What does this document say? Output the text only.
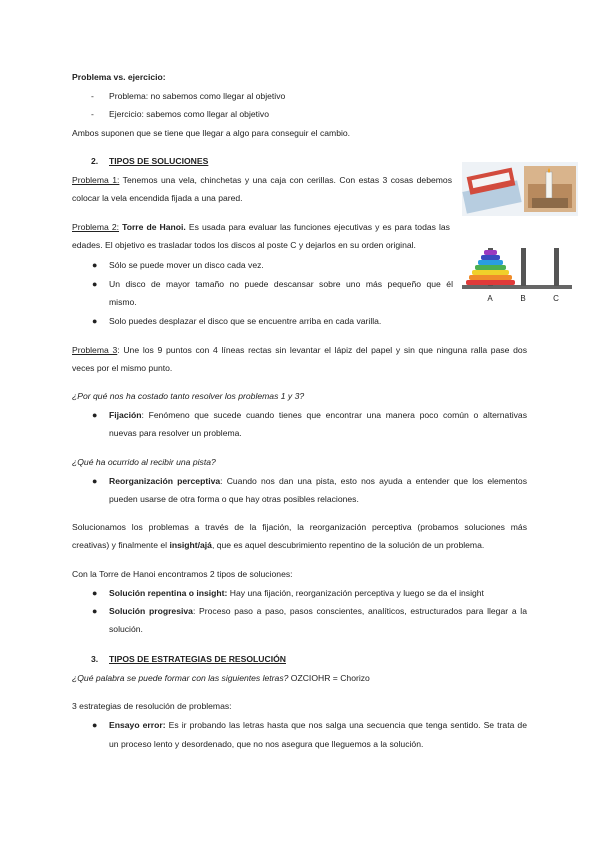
Problema vs. ejercicio:
- Problema: no sabemos como llegar al objetivo
- Ejercicio: sabemos como llegar al objetivo
Ambos suponen que se tiene que llegar a algo para conseguir el cambio.
2. TIPOS DE SOLUCIONES
Problema 1: Tenemos una vela, chinchetas y una caja con cerillas. Con estas 3 cosas debemos
colocar la vela encendida fijada a una pared.
Problema 2: Torre de Hanoi. Es usada para evaluar las funciones ejecutivas y es para todas las
edades. El objetivo es trasladar todos los discos al poste C y dejarlos en su orden original.
● Sólo se puede mover un disco cada vez.
● Un disco de mayor tamaño no puede descansar sobre uno más pequeño que él
mismo.
● Solo puedes desplazar el disco que se encuentre arriba en cada varilla.
A	B	C
Problema 3: Une los 9 puntos con 4 líneas rectas sin levantar el lápiz del papel y sin que ninguna ralla pase dos
veces por el mismo punto.
¿Por qué nos ha costado tanto resolver los problemas 1 y 3?
● Fijación: Fenómeno que sucede cuando tienes que encontrar una manera poco común o alternativas
nuevas para resolver un problema.
¿Qué ha ocurrido al recibir una pista?
● Reorganización perceptiva: Cuando nos dan una pista, esto nos ayuda a entender que los elementos
pueden usarse de otra forma o que hay otras posibles relaciones.
Solucionamos los problemas a través de la fijación, la reorganización perceptiva (probamos soluciones más
creativas) y finalmente el insight/ajá, que es aquel descubrimiento repentino de la solución de un problema.
Con la Torre de Hanoi encontramos 2 tipos de soluciones:
● Solución repentina o insight: Hay una fijación, reorganización perceptiva y luego se da el insight
● Solución progresiva: Proceso paso a paso, pasos conscientes, analíticos, estructurados para llegar a la
solución.
3. TIPOS DE ESTRATEGIAS DE RESOLUCIÓN
¿Qué palabra se puede formar con las siguientes letras? OZCIOHR = Chorizo
3 estrategias de resolución de problemas:
● Ensayo error: Es ir probando las letras hasta que nos salga una secuencia que tenga sentido. Se trata de
un proceso lento y desordenado, que no nos asegura que lleguemos a la solución.
